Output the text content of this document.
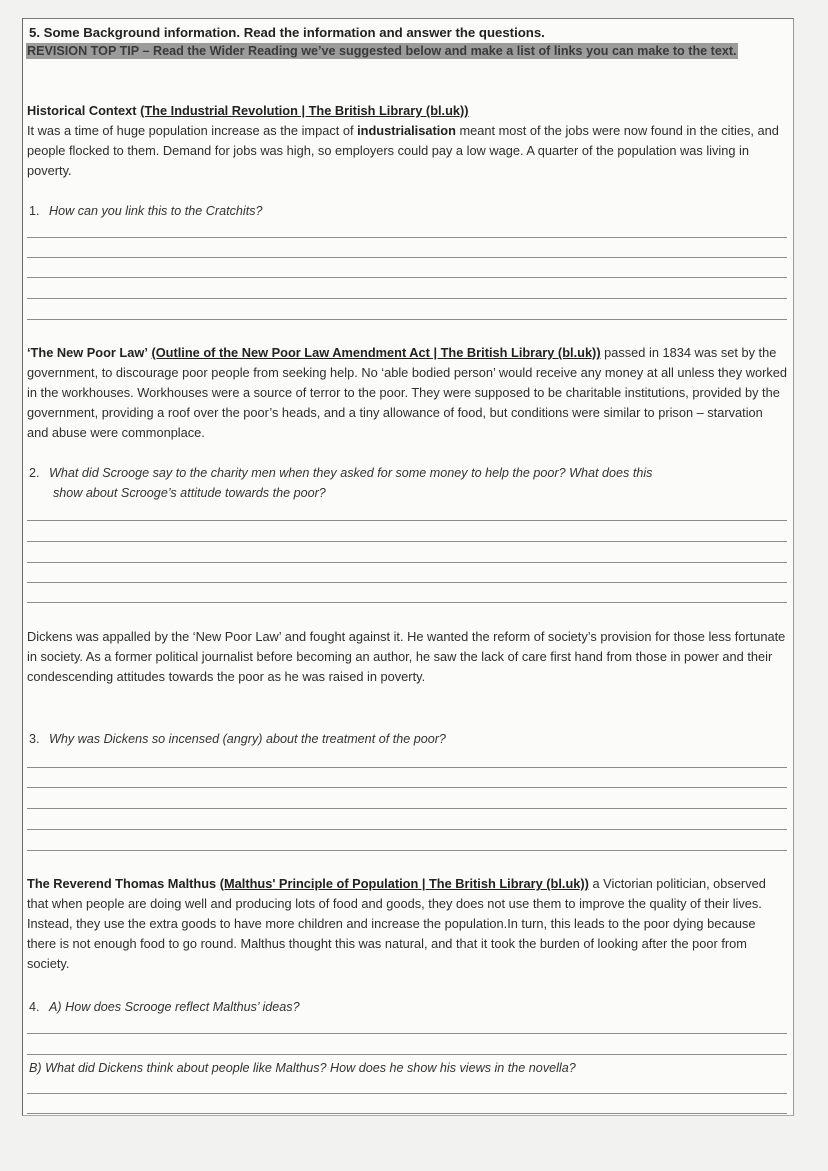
5. Some Background information. Read the information and answer the questions.
REVISION TOP TIP – Read the Wider Reading we’ve suggested below and make a list of links you can make to the text.
Historical Context (The Industrial Revolution | The British Library (bl.uk))
It was a time of huge population increase as the impact of industrialisation meant most of the jobs were now found in the cities, and people flocked to them. Demand for jobs was high, so employers could pay a low wage. A quarter of the population was living in poverty.
1. How can you link this to the Cratchits?
‘The New Poor Law’ (Outline of the New Poor Law Amendment Act | The British Library (bl.uk)) passed in 1834 was set by the government, to discourage poor people from seeking help. No ‘able bodied person’ would receive any money at all unless they worked in the workhouses. Workhouses were a source of terror to the poor. They were supposed to be charitable institutions, provided by the government, providing a roof over the poor’s heads, and a tiny allowance of food, but conditions were similar to prison – starvation and abuse were commonplace.
2. What did Scrooge say to the charity men when they asked for some money to help the poor? What does this
show about Scrooge’s attitude towards the poor?
Dickens was appalled by the ‘New Poor Law’ and fought against it. He wanted the reform of society’s provision for those less fortunate in society. As a former political journalist before becoming an author, he saw the lack of care first hand from those in power and their condescending attitudes towards the poor as he was raised in poverty.
3. Why was Dickens so incensed (angry) about the treatment of the poor?
The Reverend Thomas Malthus (Malthus' Principle of Population | The British Library (bl.uk)) a Victorian politician, observed that when people are doing well and producing lots of food and goods, they does not use them to improve the quality of their lives. Instead, they use the extra goods to have more children and increase the population.In turn, this leads to the poor dying because there is not enough food to go round. Malthus thought this was natural, and that it took the burden of looking after the poor from society.
4. A) How does Scrooge reflect Malthus’ ideas?
B) What did Dickens think about people like Malthus? How does he show his views in the novella?
